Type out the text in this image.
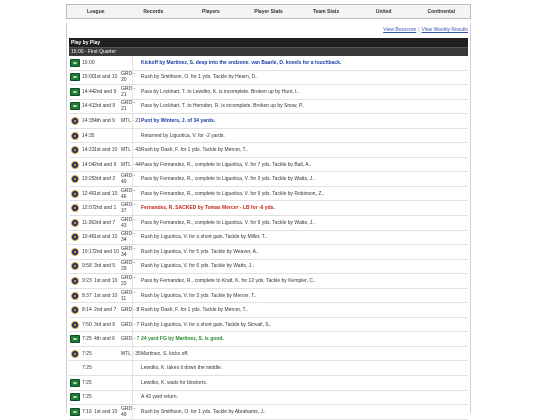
League	Records	Players	Player Stats	Team Stats	United	Continental
View Boxscore | View Weekly Results
Play by Play
15:00 - First Quarter
15:00	Kickoff by Martinez, S. deep into the endzone. van Baarle, D. kneels for a touchback.
15:00 1st and 10 GRD - 20	Rush by Smithson, O. for 1 yds. Tackle by Hearn, D..
14:44 2nd and 9 GRD - 21	Pass by Lockhart, T. to Lewdko, K. is incomplete. Broken up by Hunt, I..
14:41 3rd and 9	GRD - 21	Pass by Lockhart, T. to Herndon, R. is incomplete. Broken up by Snow, P..
14:35 4th and 9	MTL - 21 Punt by Winters, J. of 34 yards.
14:35	Returned by Liguotica, V. for -2 yards.
14:23 1st and 10 MTL - 43 Rush by Dash, F. for 1 yds. Tackle by Mercer, T..
14:04 2nd and 9 MTL - 44 Pass by Fernandez, R., complete to Liguotica, V. for 7 yds. Tackle by Ball, A..
13:25 3rd and 2	GRD - 49	Pass by Fernandez, R., complete to Liguotica, V. for 3 yds. Tackle by Watts, J..
12:46 1st and 10 GRD - 46	Pass by Fernandez, R., complete to Liguotica, V. for 9 yds. Tackle by Robinson, Z..
12:07 2nd and 1 GRD - 37	Fernandez, R. SACKED by Tomas Mercer - LB for -6 yds.
11:36 3rd and 7	GRD - 43	Pass by Fernandez, R., complete to Liguotica, V. for 9 yds. Tackle by Watts, J..
10:46 1st and 10 GRD - 34	Rush by Liguotica, V. for a short gain. Tackle by Miller, T..
10:17 2nd and 10 GRD - 34	Rush by Liguotica, V. for 5 yds. Tackle by Weaver, A..
9:58 3rd and 5	GRD - 29	Rush by Liguotica, V. for 6 yds. Tackle by Watts, J..
9:23 1st and 10 GRD - 23	Pass by Fernandez, R., complete to Kratt, K. for 12 yds. Tackle by Kempler, C..
8:37 1st and 10 GRD - 11	Rush by Liguotica, V. for 3 yds. Tackle by Mercer, T..
8:14 2nd and 7 GRD - 8 Rush by Dash, F. for 1 yds. Tackle by Mercer, T..
7:50 3rd and 6	GRD - 7 Rush by Liguotica, V. for a short gain. Tackle by Stovall, S..
7:25 4th and 6	GRD - 7 24 yard FG by Martinez, S. is good.
7:25	MTL - 35 Martinez, S. kicks off.
7:25	Lewdko, K. takes it down the middle.
7:25	Lewdko, K. waits for blockers.
7:25	A 43 yard return.
7:16 1st and 10 GRD - 49	Rush by Smithson, O. for 1 yds. Tackle by Abrahams, J..
